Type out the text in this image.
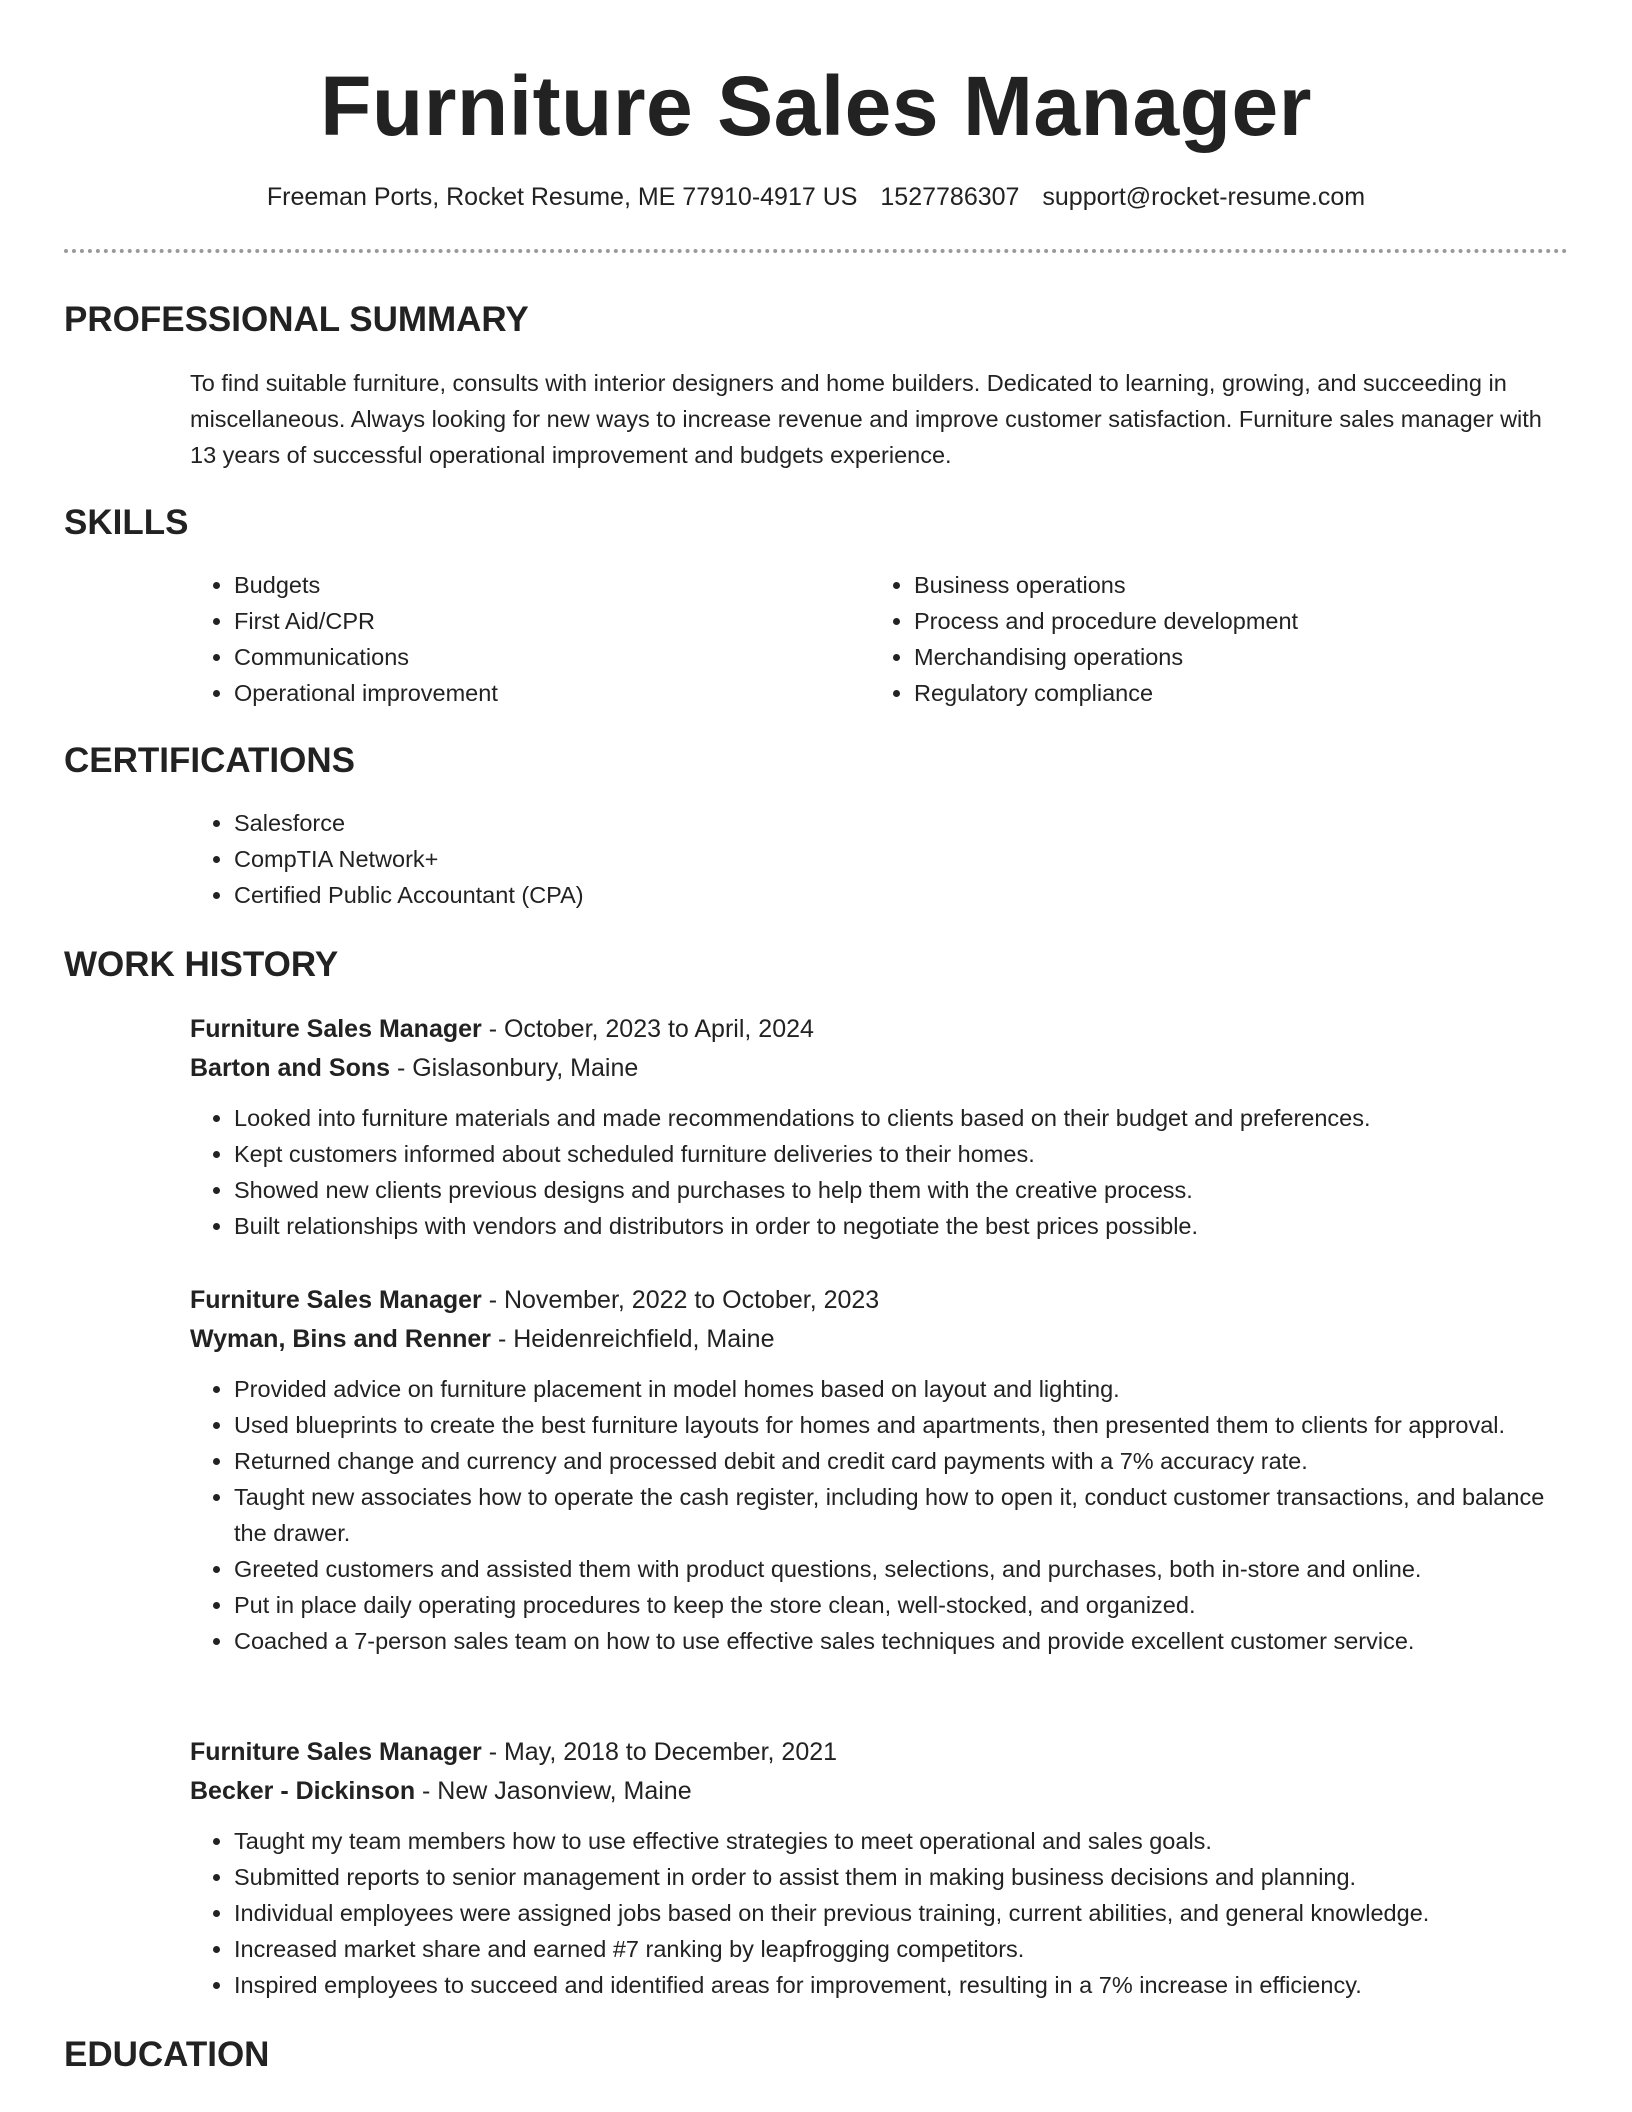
Furniture Sales Manager
Freeman Ports, Rocket Resume, ME 77910-4917 US 1527786307 support@rocket-resume.com
PROFESSIONAL SUMMARY

To find suitable furniture, consults with interior designers and home builders. Dedicated to learning, growing, and succeeding in miscellaneous. Always looking for new ways to increase revenue and improve customer satisfaction. Furniture sales manager with 13 years of successful operational improvement and budgets experience.

SKILLS
• Budgets
• First Aid/CPR
• Communications
• Operational improvement
• Business operations
• Process and procedure development
• Merchandising operations
• Regulatory compliance
CERTIFICATIONS
• Salesforce
• CompTIA Network+
• Certified Public Accountant (CPA)
WORK HISTORY
Furniture Sales Manager - October, 2023 to April, 2024
Barton and Sons - Gislasonbury, Maine
• Looked into furniture materials and made recommendations to clients based on their budget and preferences.
• Kept customers informed about scheduled furniture deliveries to their homes.
• Showed new clients previous designs and purchases to help them with the creative process.
• Built relationships with vendors and distributors in order to negotiate the best prices possible.
Furniture Sales Manager - November, 2022 to October, 2023
Wyman, Bins and Renner - Heidenreichfield, Maine
• Provided advice on furniture placement in model homes based on layout and lighting.
• Used blueprints to create the best furniture layouts for homes and apartments, then presented them to clients for approval.
• Returned change and currency and processed debit and credit card payments with a 7% accuracy rate.
• Taught new associates how to operate the cash register, including how to open it, conduct customer transactions, and balance the drawer.
• Greeted customers and assisted them with product questions, selections, and purchases, both in-store and online.
• Put in place daily operating procedures to keep the store clean, well-stocked, and organized.
• Coached a 7-person sales team on how to use effective sales techniques and provide excellent customer service.
Furniture Sales Manager - May, 2018 to December, 2021
Becker - Dickinson - New Jasonview, Maine
• Taught my team members how to use effective strategies to meet operational and sales goals.
• Submitted reports to senior management in order to assist them in making business decisions and planning.
• Individual employees were assigned jobs based on their previous training, current abilities, and general knowledge.
• Increased market share and earned #7 ranking by leapfrogging competitors.
• Inspired employees to succeed and identified areas for improvement, resulting in a 7% increase in efficiency.
EDUCATION
